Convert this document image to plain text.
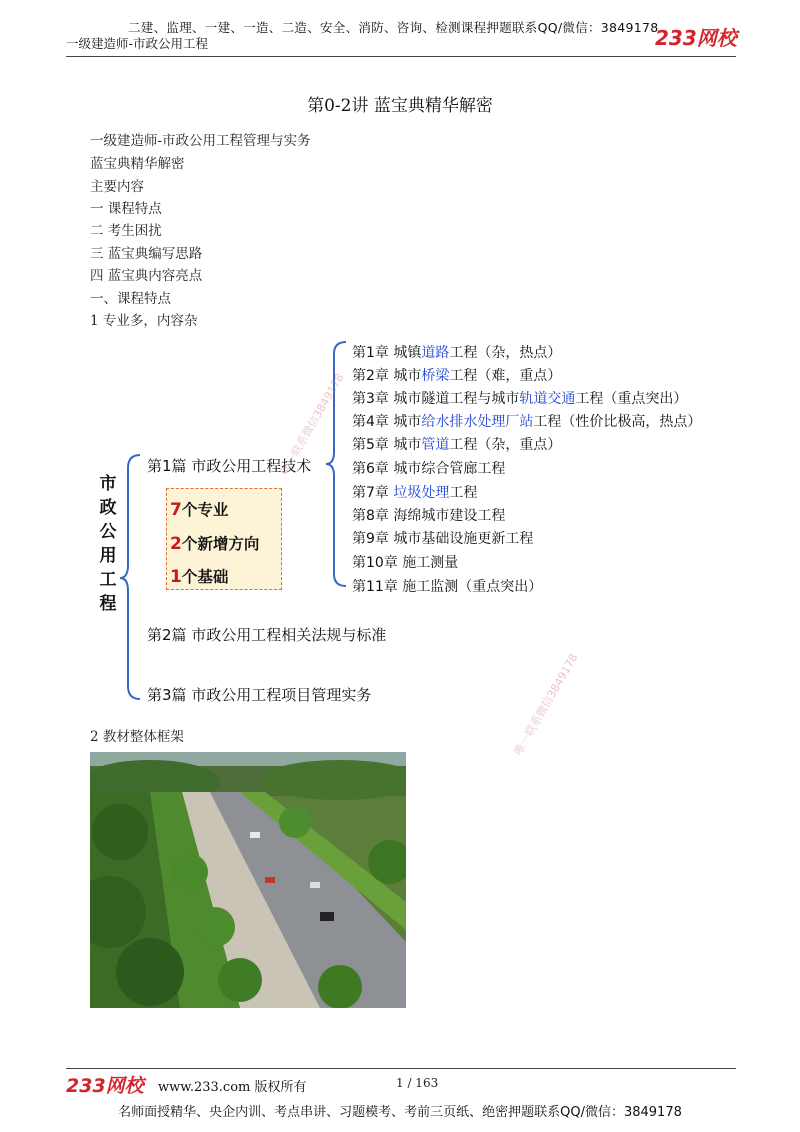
二建、监理、一建、一造、二造、安全、消防、咨询、检测课程押题联系QQ/微信：3849178
一级建造师-市政公用工程	233网校
第0-2讲 蓝宝典精华解密
一级建造师-市政公用工程管理与实务
蓝宝典精华解密
主要内容
一 课程特点
二 考生困扰
三 蓝宝典编写思路
四 蓝宝典内容亮点
一、课程特点
1 专业多，内容杂
市
政
公
用
工
程
第1篇 市政公用工程技术
第2篇 市政公用工程相关法规与标准
第3篇 市政公用工程项目管理实务
7个专业
2个新增方向
1个基础
第1章 城镇道路工程（杂，热点）
第2章 城市桥梁工程（难，重点）
第3章 城市隧道工程与城市轨道交通工程（重点突出）
第4章 城市给水排水处理厂站工程（性价比极高，热点）
第5章 城市管道工程（杂，重点）
第6章 城市综合管廊工程
第7章 垃圾处理工程
第8章 海绵城市建设工程
第9章 城市基础设施更新工程
第10章 施工测量
第11章 施工监测（重点突出）
唯一联系微信3849178
唯一联系微信3849178
2 教材整体框架
233网校 www.233.com 版权所有	1 / 163
名师面授精华、央企内训、考点串讲、习题模考、考前三页纸、绝密押题联系QQ/微信：3849178
